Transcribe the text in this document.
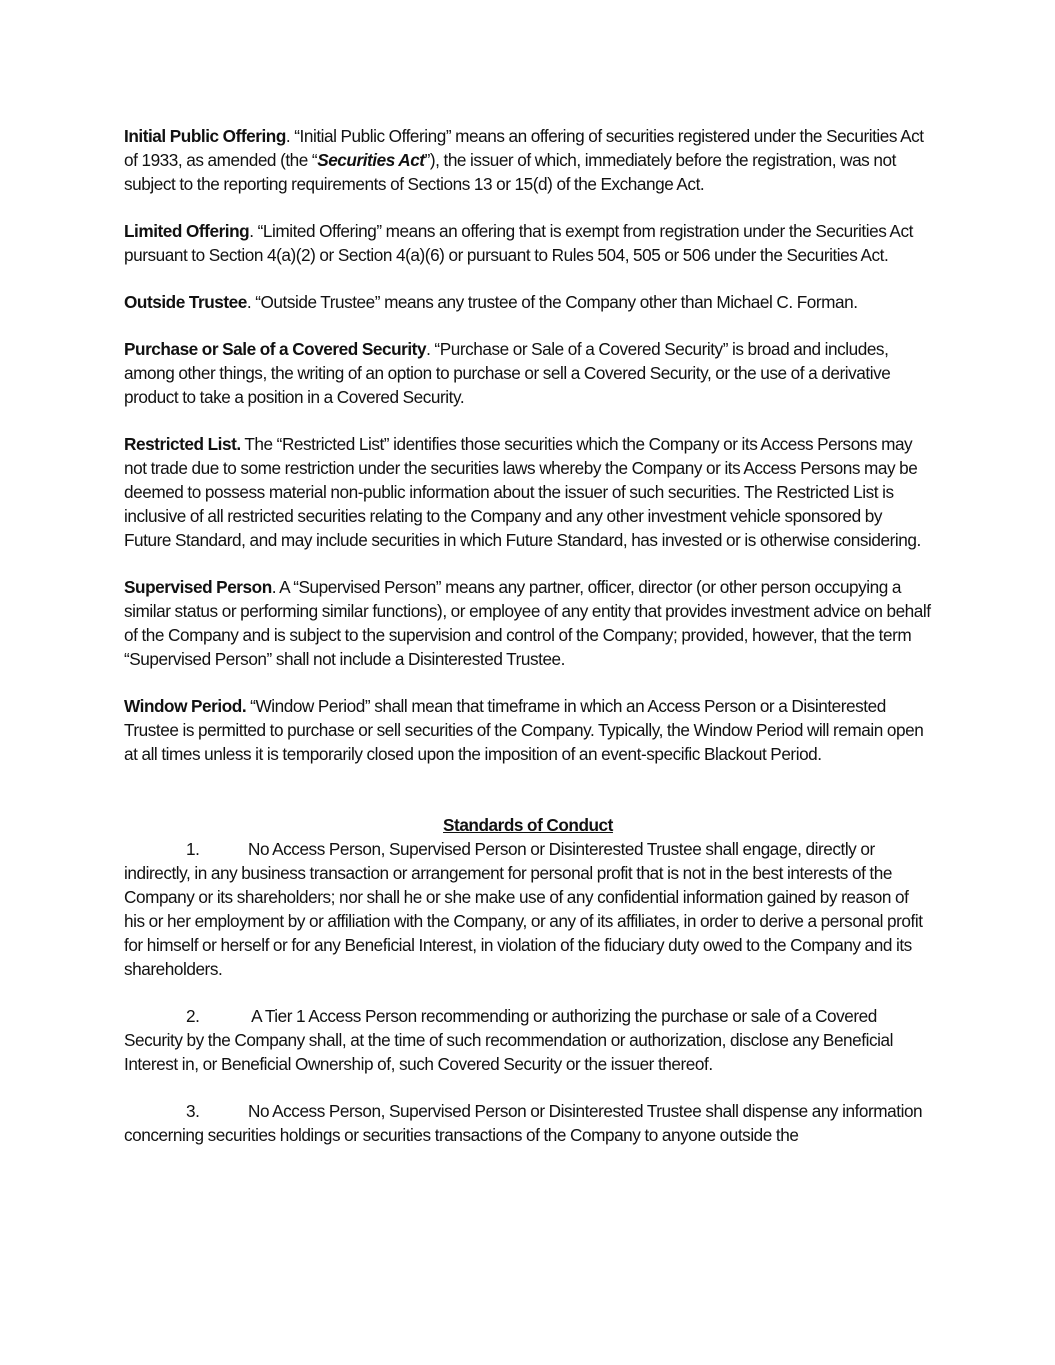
Initial Public Offering. “Initial Public Offering” means an offering of securities registered under the Securities Act of 1933, as amended (the “Securities Act”), the issuer of which, immediately before the registration, was not subject to the reporting requirements of Sections 13 or 15(d) of the Exchange Act.

Limited Offering. “Limited Offering” means an offering that is exempt from registration under the Securities Act pursuant to Section 4(a)(2) or Section 4(a)(6) or pursuant to Rules 504, 505 or 506 under the Securities Act.

Outside Trustee. “Outside Trustee” means any trustee of the Company other than Michael C. Forman.

Purchase or Sale of a Covered Security. “Purchase or Sale of a Covered Security” is broad and includes, among other things, the writing of an option to purchase or sell a Covered Security, or the use of a derivative product to take a position in a Covered Security.

Restricted List. The “Restricted List” identifies those securities which the Company or its Access Persons may not trade due to some restriction under the securities laws whereby the Company or its Access Persons may be deemed to possess material non-public information about the issuer of such securities. The Restricted List is inclusive of all restricted securities relating to the Company and any other investment vehicle sponsored by Future Standard, and may include securities in which Future Standard, has invested or is otherwise considering.

Supervised Person. A “Supervised Person” means any partner, officer, director (or other person occupying a similar status or performing similar functions), or employee of any entity that provides investment advice on behalf of the Company and is subject to the supervision and control of the Company; provided, however, that the term “Supervised Person” shall not include a Disinterested Trustee.

Window Period. “Window Period” shall mean that timeframe in which an Access Person or a Disinterested Trustee is permitted to purchase or sell securities of the Company. Typically, the Window Period will remain open at all times unless it is temporarily closed upon the imposition of an event-specific Blackout Period.

Standards of Conduct

1.	No Access Person, Supervised Person or Disinterested Trustee shall engage, directly or indirectly, in any business transaction or arrangement for personal profit that is not in the best interests of the Company or its shareholders; nor shall he or she make use of any confidential information gained by reason of his or her employment by or affiliation with the Company, or any of its affiliates, in order to derive a personal profit for himself or herself or for any Beneficial Interest, in violation of the fiduciary duty owed to the Company and its shareholders.

2.	A Tier 1 Access Person recommending or authorizing the purchase or sale of a Covered Security by the Company shall, at the time of such recommendation or authorization, disclose any Beneficial Interest in, or Beneficial Ownership of, such Covered Security or the issuer thereof.

3.	No Access Person, Supervised Person or Disinterested Trustee shall dispense any information concerning securities holdings or securities transactions of the Company to anyone outside the
